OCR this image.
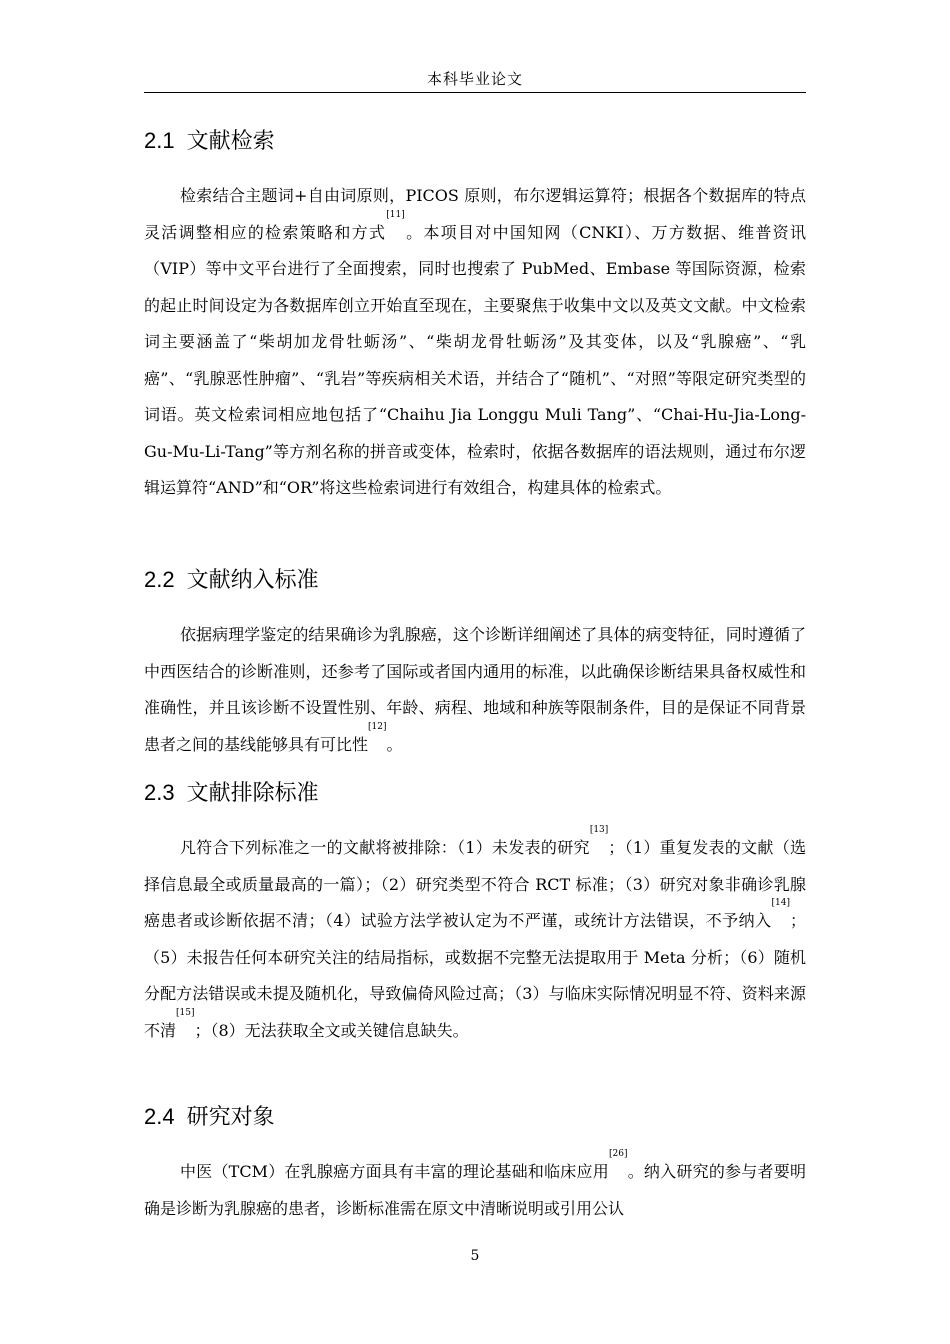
本科毕业论文
2.1 文献检索

检索结合主题词+自由词原则，PICOS 原则，布尔逻辑运算符；根据各个数据库的特点灵活调整相应的检索策略和方式[11]。本项目对中国知网（CNKI）、万方数据、维普资讯（VIP）等中文平台进行了全面搜索，同时也搜索了 PubMed、Embase 等国际资源，检索的起止时间设定为各数据库创立开始直至现在，主要聚焦于收集中文以及英文文献。中文检索词主要涵盖了“柴胡加龙骨牡蛎汤”、“柴胡龙骨牡蛎汤”及其变体，以及“乳腺癌”、“乳癌”、“乳腺恶性肿瘤”、“乳岩”等疾病相关术语，并结合了“随机”、“对照”等限定研究类型的词语。英文检索词相应地包括了“Chaihu Jia Longgu Muli Tang”、“Chai-Hu-Jia-Long-Gu-Mu-Li-Tang”等方剂名称的拼音或变体，检索时，依据各数据库的语法规则，通过布尔逻辑运算符“AND”和“OR”将这些检索词进行有效组合，构建具体的检索式。

2.2 文献纳入标准

依据病理学鉴定的结果确诊为乳腺癌，这个诊断详细阐述了具体的病变特征，同时遵循了中西医结合的诊断准则，还参考了国际或者国内通用的标准，以此确保诊断结果具备权威性和准确性，并且该诊断不设置性别、年龄、病程、地域和种族等限制条件，目的是保证不同背景患者之间的基线能够具有可比性[12]。

2.3 文献排除标准

凡符合下列标准之一的文献将被排除：（1）未发表的研究[13]；（1）重复发表的文献（选择信息最全或质量最高的一篇）；（2）研究类型不符合 RCT 标准；（3）研究对象非确诊乳腺癌患者或诊断依据不清；（4）试验方法学被认定为不严谨，或统计方法错误，不予纳入[14]；（5）未报告任何本研究关注的结局指标，或数据不完整无法提取用于 Meta 分析；（6）随机分配方法错误或未提及随机化，导致偏倚风险过高；（3）与临床实际情况明显不符、资料来源不清[15]；（8）无法获取全文或关键信息缺失。

2.4 研究对象

中医（TCM）在乳腺癌方面具有丰富的理论基础和临床应用[26]。纳入研究的参与者要明确是诊断为乳腺癌的患者，诊断标准需在原文中清晰说明或引用公认

5
